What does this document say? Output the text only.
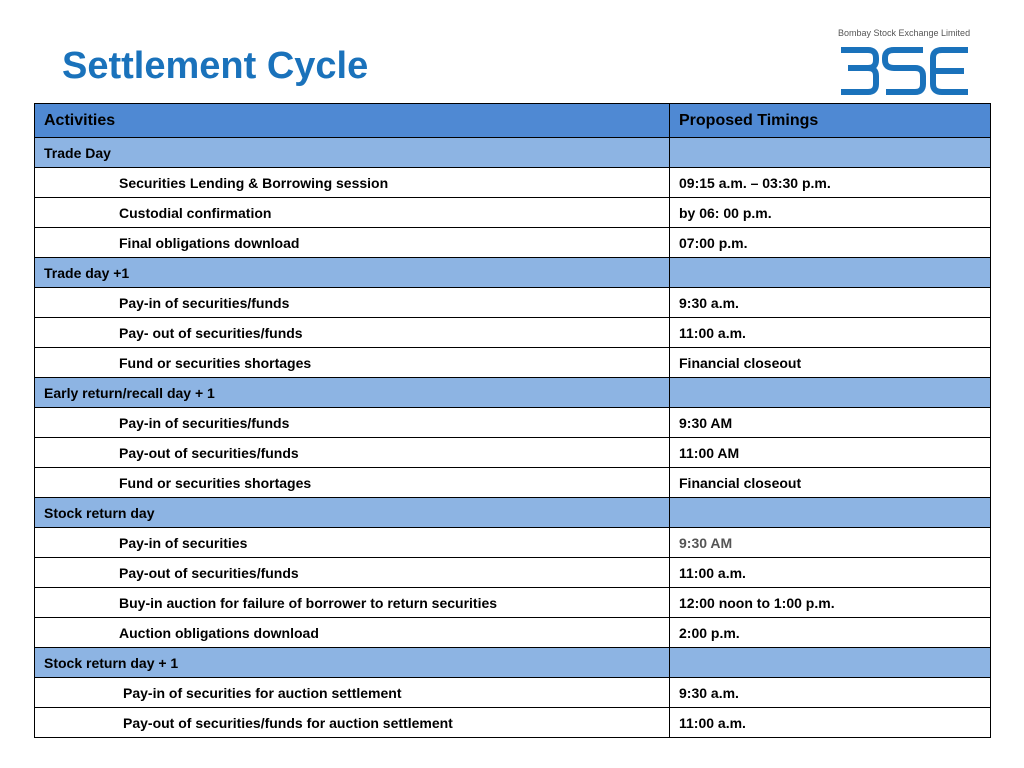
Settlement Cycle
Bombay Stock Exchange Limited
Activities	Proposed Timings
Trade Day	
Securities Lending & Borrowing session	09:15 a.m. – 03:30 p.m.
Custodial confirmation	by 06: 00 p.m.
Final obligations download	07:00 p.m.
Trade day +1	
Pay-in of securities/funds	9:30 a.m.
Pay- out of securities/funds	11:00 a.m.
Fund or securities shortages	Financial closeout
Early return/recall day + 1	
Pay-in of securities/funds	9:30 AM
Pay-out of securities/funds	11:00 AM
Fund or securities shortages	Financial closeout
Stock return day	
Pay-in of securities	9:30 AM
Pay-out of securities/funds	11:00 a.m.
Buy-in auction for failure of borrower to return securities	12:00 noon to 1:00 p.m.
Auction obligations download	2:00 p.m.
Stock return day + 1	
Pay-in of securities for auction settlement	9:30 a.m.
Pay-out of securities/funds for auction settlement	11:00 a.m.
